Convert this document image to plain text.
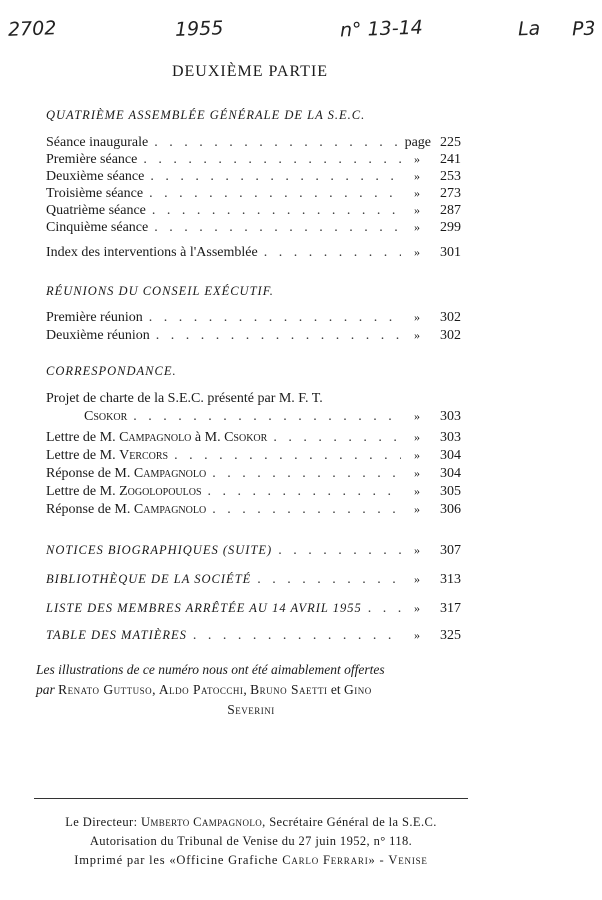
2702	1955	n° 13-14	La P3
DEUXIÈME PARTIE
QUATRIÈME ASSEMBLÉE GÉNÉRALE DE LA S.E.C.
Séance inaugurale . . .	page 225
Première séance . . .	»	241
Deuxième séance . . .	»	253
Troisième séance . . .	»	273
Quatrième séance . . .	»	287
Cinquième séance . . .	»	299
Index des interventions à l'Assemblée . . .	»	301
RÉUNIONS DU CONSEIL EXÉCUTIF.
Première réunion . . .	»	302
Deuxième réunion . . .	»	302
CORRESPONDANCE.
Projet de charte de la S.E.C. présenté par M. F. T.
Csokor . . .	»	303
Lettre de M. Campagnolo à M. Csokor . . .	»	303
Lettre de M. Vercors . . .	»	304
Réponse de M. Campagnolo . . .	»	304
Lettre de M. Zogolopoulos . . .	»	305
Réponse de M. Campagnolo . . .	»	306
NOTICES BIOGRAPHIQUES (SUITE) . . .	»	307
BIBLIOTHÈQUE DE LA SOCIÉTÉ . . .	»	313
LISTE DES MEMBRES ARRÊTÉE AU 14 AVRIL 1955 . . .	»	317
TABLE DES MATIÈRES . . .	»	325
Les illustrations de ce numéro nous ont été aimablement offertes
par Renato Guttuso, Aldo Patocchi, Bruno Saetti et Gino
Severini
Le Directeur: Umberto Campagnolo, Secrétaire Général de la S.E.C.
Autorisation du Tribunal de Venise du 27 juin 1952, n° 118.
Imprimé par les «Officine Grafiche Carlo Ferrari» - Venise
